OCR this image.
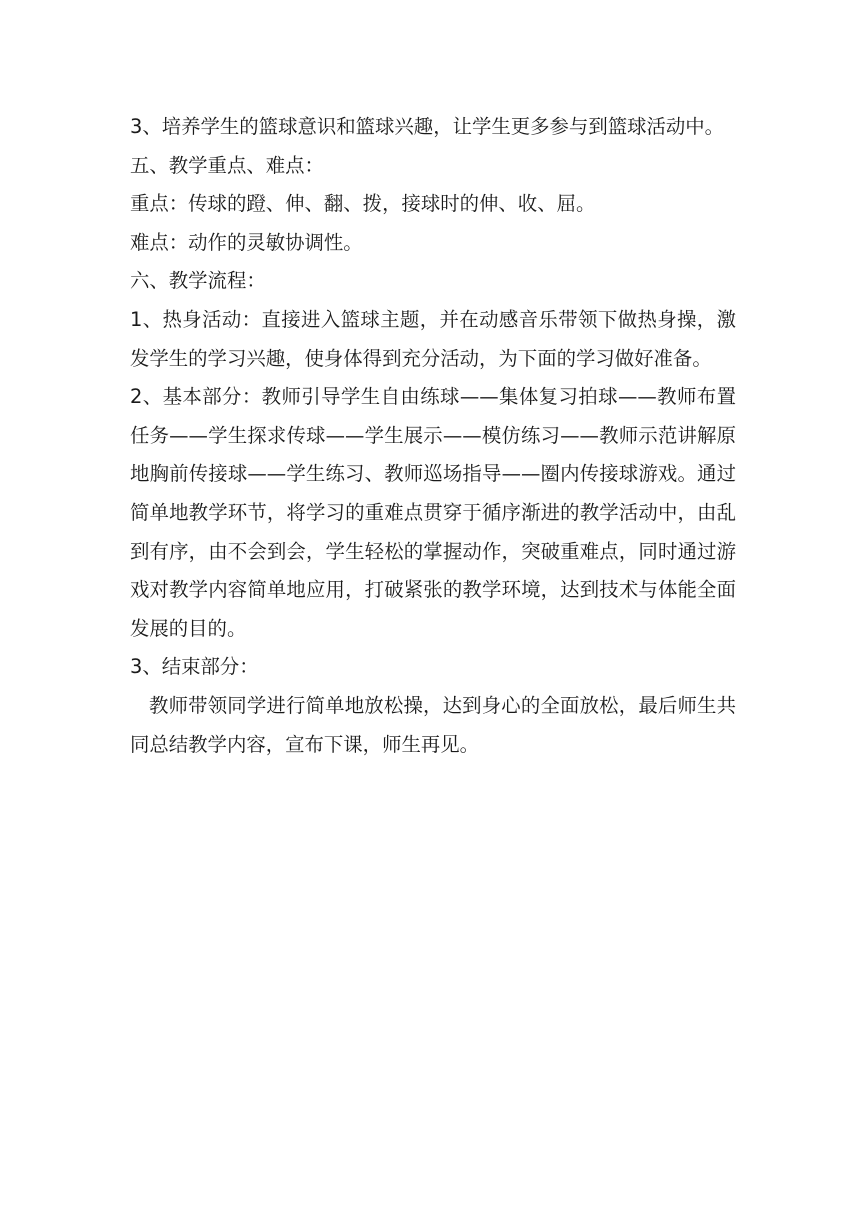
3、培养学生的篮球意识和篮球兴趣，让学生更多参与到篮球活动中。

五、教学重点、难点：

重点：传球的蹬、伸、翻、拨，接球时的伸、收、屈。

难点：动作的灵敏协调性。

六、教学流程：

1、热身活动：直接进入篮球主题，并在动感音乐带领下做热身操，激发学生的学习兴趣，使身体得到充分活动，为下面的学习做好准备。

2、基本部分：教师引导学生自由练球——集体复习拍球——教师布置任务——学生探求传球——学生展示——模仿练习——教师示范讲解原地胸前传接球——学生练习、教师巡场指导——圈内传接球游戏。通过简单地教学环节，将学习的重难点贯穿于循序渐进的教学活动中，由乱到有序，由不会到会，学生轻松的掌握动作，突破重难点，同时通过游戏对教学内容简单地应用，打破紧张的教学环境，达到技术与体能全面发展的目的。

3、结束部分：

教师带领同学进行简单地放松操，达到身心的全面放松，最后师生共同总结教学内容，宣布下课，师生再见。
